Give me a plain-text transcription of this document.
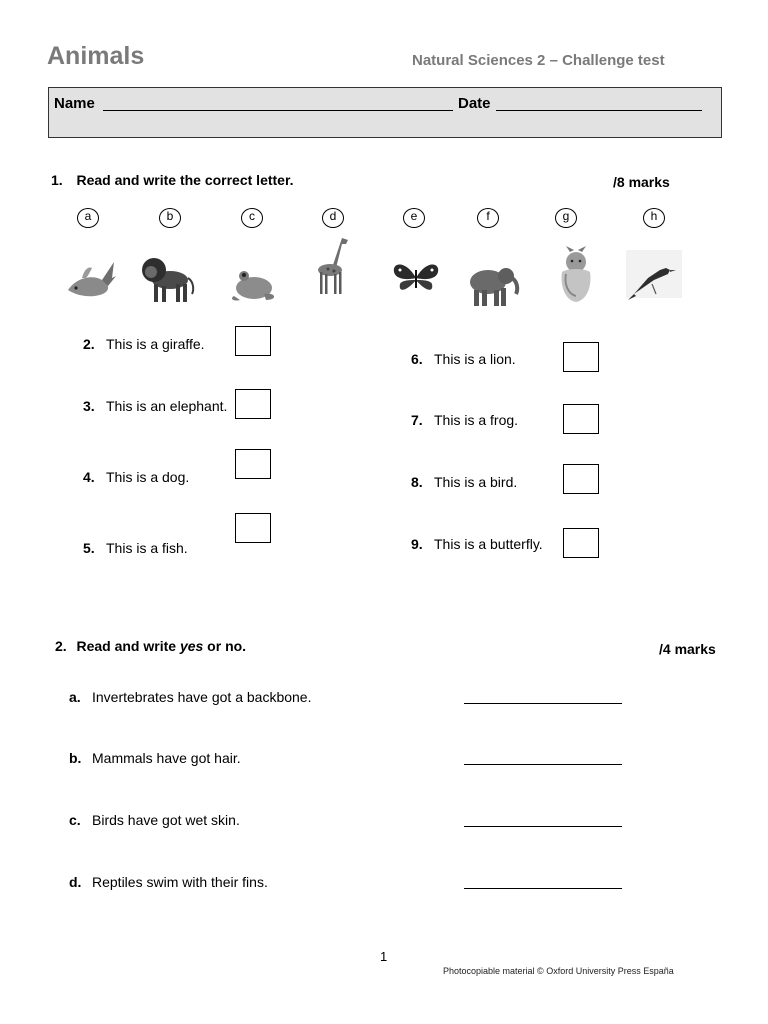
Animals	Natural Sciences 2 – Challenge test
Name	Date
1. Read and write the correct letter.	/8 marks
a	b	c	d	e	f	g	h
2. This is a giraffe.
3. This is an elephant.
4. This is a dog.
5. This is a fish.
6. This is a lion.
7. This is a frog.
8. This is a bird.
9. This is a butterfly.
2. Read and write yes or no.	/4 marks
a. Invertebrates have got a backbone.
b. Mammals have got hair.
c. Birds have got wet skin.
d. Reptiles swim with their fins.
1
Photocopiable material © Oxford University Press España
